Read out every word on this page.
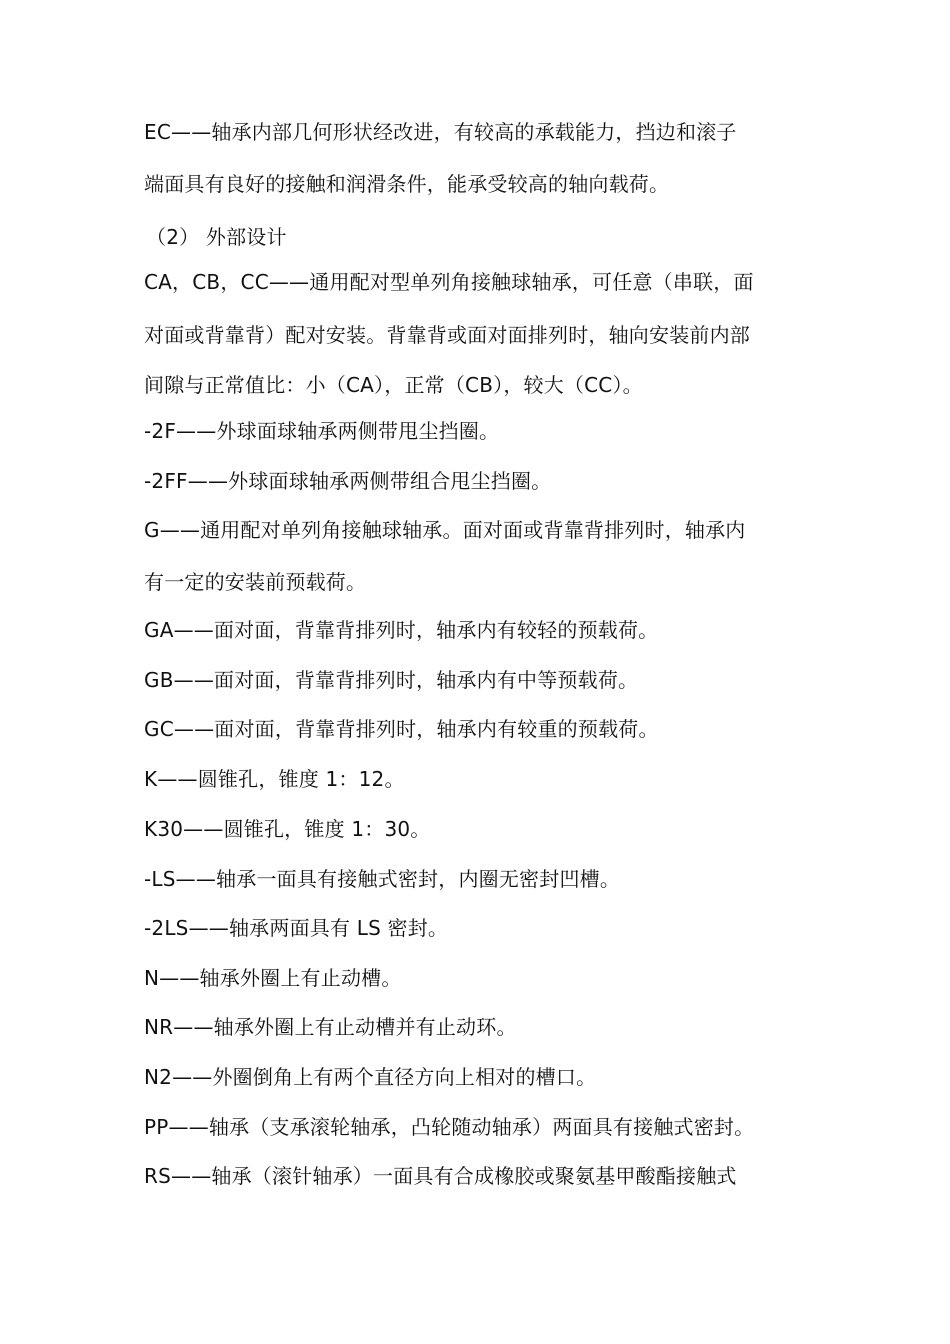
EC——轴承内部几何形状经改进，有较高的承载能力，挡边和滚子
端面具有良好的接触和润滑条件，能承受较高的轴向载荷。
（2） 外部设计
CA，CB，CC——通用配对型单列角接触球轴承，可任意（串联，面
对面或背靠背）配对安装。背靠背或面对面排列时，轴向安装前内部
间隙与正常值比：小（CA），正常（CB），较大（CC）。
-2F——外球面球轴承两侧带甩尘挡圈。
-2FF——外球面球轴承两侧带组合甩尘挡圈。
G——通用配对单列角接触球轴承。面对面或背靠背排列时，轴承内
有一定的安装前预载荷。
GA——面对面，背靠背排列时，轴承内有较轻的预载荷。
GB——面对面，背靠背排列时，轴承内有中等预载荷。
GC——面对面，背靠背排列时，轴承内有较重的预载荷。
K——圆锥孔，锥度 1：12。
K30——圆锥孔，锥度 1：30。
-LS——轴承一面具有接触式密封，内圈无密封凹槽。
-2LS——轴承两面具有 LS 密封。
N——轴承外圈上有止动槽。
NR——轴承外圈上有止动槽并有止动环。
N2——外圈倒角上有两个直径方向上相对的槽口。
PP——轴承（支承滚轮轴承，凸轮随动轴承）两面具有接触式密封。
RS——轴承（滚针轴承）一面具有合成橡胶或聚氨基甲酸酯接触式
